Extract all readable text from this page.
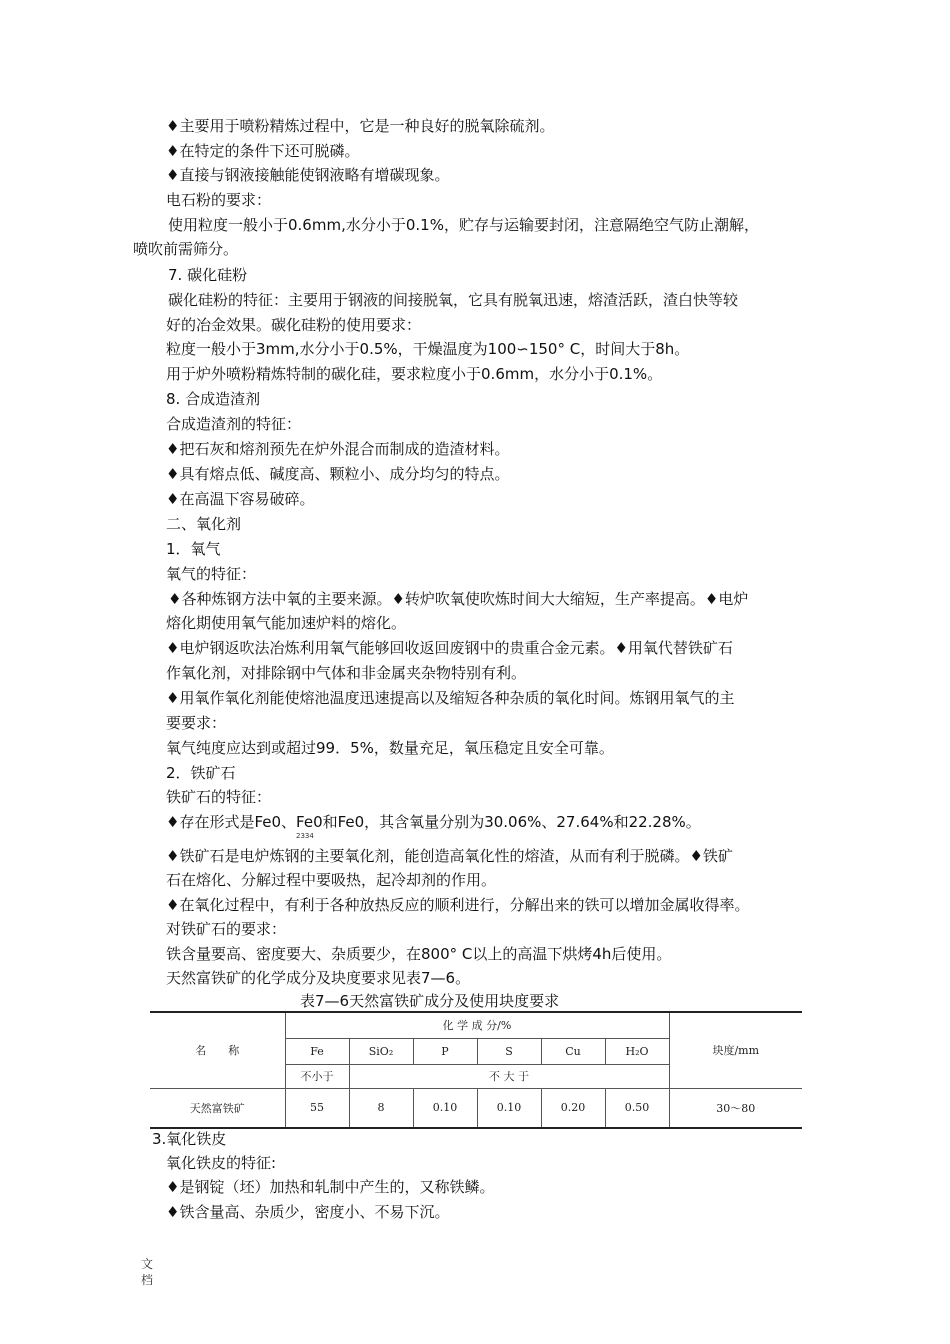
♦主要用于喷粉精炼过程中，它是一种良好的脱氧除硫剂。

♦在特定的条件下还可脱磷。

♦直接与钢液接触能使钢液略有增碳现象。

电石粉的要求：

使用粒度一般小于0.6mm,水分小于0.1%，贮存与运输要封闭，注意隔绝空气防止潮解，

喷吹前需筛分。

7. 碳化硅粉

碳化硅粉的特征：主要用于钢液的间接脱氧，它具有脱氧迅速，熔渣活跃，渣白快等较

好的冶金效果。碳化硅粉的使用要求：

粒度一般小于3mm,水分小于0.5%，干燥温度为100∽150° C，时间大于8h。

用于炉外喷粉精炼特制的碳化硅，要求粒度小于0.6mm，水分小于0.1%。

8. 合成造渣剂

合成造渣剂的特征：

♦把石灰和熔剂预先在炉外混合而制成的造渣材料。

♦具有熔点低、碱度高、颗粒小、成分均匀的特点。

♦在高温下容易破碎。

二、氧化剂

1．氧气

氧气的特征：

♦各种炼钢方法中氧的主要来源。♦转炉吹氧使吹炼时间大大缩短，生产率提高。♦电炉

熔化期使用氧气能加速炉料的熔化。

♦电炉钢返吹法冶炼利用氧气能够回收返回废钢中的贵重合金元素。♦用氧代替铁矿石

作氧化剂，对排除钢中气体和非金属夹杂物特别有利。

♦用氧作氧化剂能使熔池温度迅速提高以及缩短各种杂质的氧化时间。炼钢用氧气的主

要要求：

氧气纯度应达到或超过99．5%，数量充足，氧压稳定且安全可靠。

2．铁矿石

铁矿石的特征：

♦存在形式是Fe0、Fe0和Fe0，其含氧量分别为30.06%、27.64%和22.28%。

2334

♦铁矿石是电炉炼钢的主要氧化剂，能创造高氧化性的熔渣，从而有利于脱磷。♦铁矿

石在熔化、分解过程中要吸热，起冷却剂的作用。

♦在氧化过程中，有利于各种放热反应的顺利进行，分解出来的铁可以增加金属收得率。

对铁矿石的要求：

铁含量要高、密度要大、杂质要少，在800° C以上的高温下烘烤4h后使用。

天然富铁矿的化学成分及块度要求见表7—6。

表7—6天然富铁矿成分及使用块度要求
名　　称	化 学 成 分/%						块度/mm
	Fe	SiO₂	P	S	Cu	H₂O	
	不小于	不 大 于					
天然富铁矿	55	8	0.10	0.10	0.20	0.50	30～80

3.氧化铁皮

氧化铁皮的特征:

♦是钢锭（坯）加热和轧制中产生的，又称铁鳞。

♦铁含量高、杂质少，密度小、不易下沉。

文档
